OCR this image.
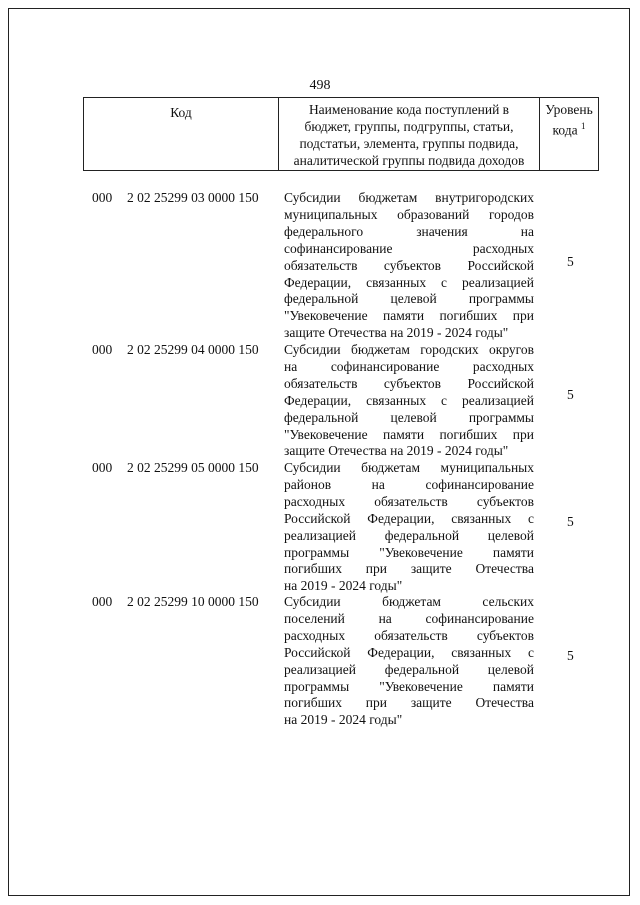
498
Код	Наименование кода поступлений в
бюджет, группы, подгруппы, статьи,
подстатьи, элемента, группы подвида,
аналитической группы подвида доходов
Уровень
кода $^1$
000 2 02 25299 03 0000 150 Субсидии бюджетам внутригородских
муниципальных образований городов
федерального значения на
софинансирование расходных
обязательств субъектов Российской
Федерации, связанных с реализацией
федеральной целевой программы
"Увековечение памяти погибших при
защите Отечества на 2019 - 2024 годы"
5
000 2 02 25299 04 0000 150 Субсидии бюджетам городских округов
на софинансирование расходных
обязательств субъектов Российской
Федерации, связанных с реализацией
федеральной целевой программы
"Увековечение памяти погибших при
защите Отечества на 2019 - 2024 годы"
5
000 2 02 25299 05 0000 150 Субсидии бюджетам муниципальных
районов на софинансирование
расходных обязательств субъектов
Российской Федерации, связанных с
реализацией федеральной целевой
программы "Увековечение памяти
погибших при защите Отечества
на 2019 - 2024 годы"
5
000 2 02 25299 10 0000 150 Субсидии бюджетам сельских
поселений на софинансирование
расходных обязательств субъектов
Российской Федерации, связанных с
реализацией федеральной целевой
программы "Увековечение памяти
погибших при защите Отечества
на 2019 - 2024 годы"
5
